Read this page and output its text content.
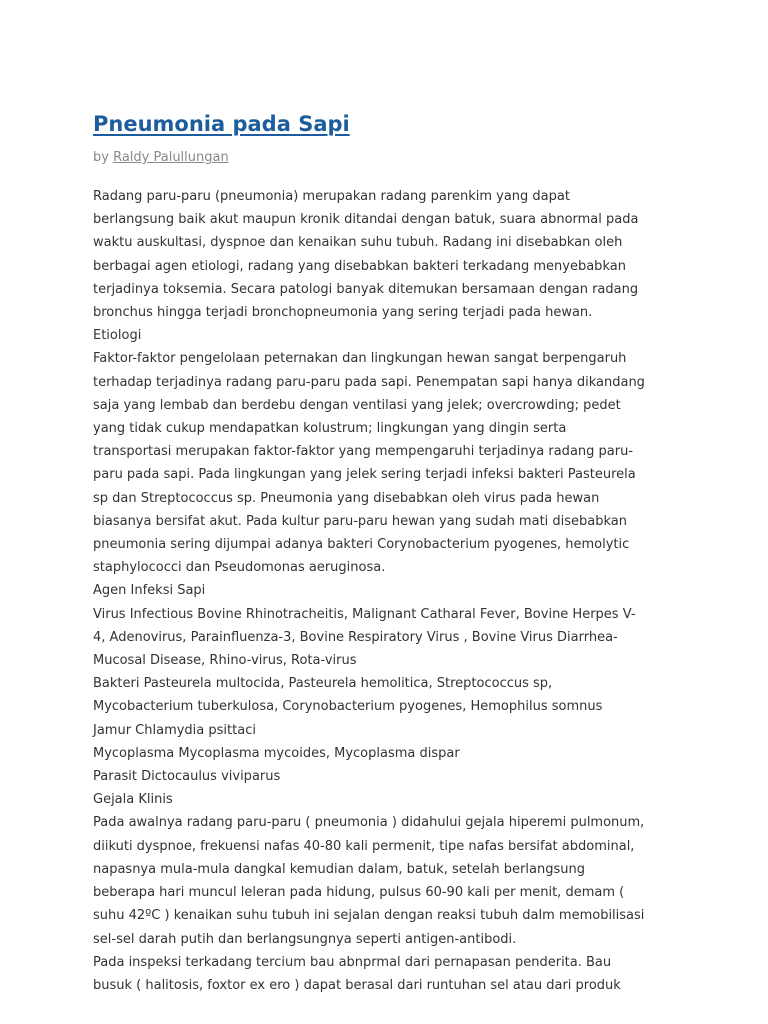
Pneumonia pada Sapi
by Raldy Palullungan
Radang paru-paru (pneumonia) merupakan radang parenkim yang dapat
berlangsung baik akut maupun kronik ditandai dengan batuk, suara abnormal pada
waktu auskultasi, dyspnoe dan kenaikan suhu tubuh. Radang ini disebabkan oleh
berbagai agen etiologi, radang yang disebabkan bakteri terkadang menyebabkan
terjadinya toksemia. Secara patologi banyak ditemukan bersamaan dengan radang
bronchus hingga terjadi bronchopneumonia yang sering terjadi pada hewan.
Etiologi
Faktor-faktor pengelolaan peternakan dan lingkungan hewan sangat berpengaruh
terhadap terjadinya radang paru-paru pada sapi. Penempatan sapi hanya dikandang
saja yang lembab dan berdebu dengan ventilasi yang jelek; overcrowding; pedet
yang tidak cukup mendapatkan kolustrum; lingkungan yang dingin serta
transportasi merupakan faktor-faktor yang mempengaruhi terjadinya radang paru-
paru pada sapi. Pada lingkungan yang jelek sering terjadi infeksi bakteri Pasteurela
sp dan Streptococcus sp. Pneumonia yang disebabkan oleh virus pada hewan
biasanya bersifat akut. Pada kultur paru-paru hewan yang sudah mati disebabkan
pneumonia sering dijumpai adanya bakteri Corynobacterium pyogenes, hemolytic
staphylococci dan Pseudomonas aeruginosa.
Agen Infeksi Sapi
Virus Infectious Bovine Rhinotracheitis, Malignant Catharal Fever, Bovine Herpes V-
4, Adenovirus, Parainfluenza-3, Bovine Respiratory Virus , Bovine Virus Diarrhea-
Mucosal Disease, Rhino-virus, Rota-virus
Bakteri Pasteurela multocida, Pasteurela hemolitica, Streptococcus sp,
Mycobacterium tuberkulosa, Corynobacterium pyogenes, Hemophilus somnus
Jamur Chlamydia psittaci
Mycoplasma Mycoplasma mycoides, Mycoplasma dispar
Parasit Dictocaulus viviparus
Gejala Klinis
Pada awalnya radang paru-paru ( pneumonia ) didahului gejala hiperemi pulmonum,
diikuti dyspnoe, frekuensi nafas 40-80 kali permenit, tipe nafas bersifat abdominal,
napasnya mula-mula dangkal kemudian dalam, batuk, setelah berlangsung
beberapa hari muncul leleran pada hidung, pulsus 60-90 kali per menit, demam (
suhu 42ºC ) kenaikan suhu tubuh ini sejalan dengan reaksi tubuh dalm memobilisasi
sel-sel darah putih dan berlangsungnya seperti antigen-antibodi.
Pada inspeksi terkadang tercium bau abnprmal dari pernapasan penderita. Bau
busuk ( halitosis, foxtor ex ero ) dapat berasal dari runtuhan sel atau dari produk
